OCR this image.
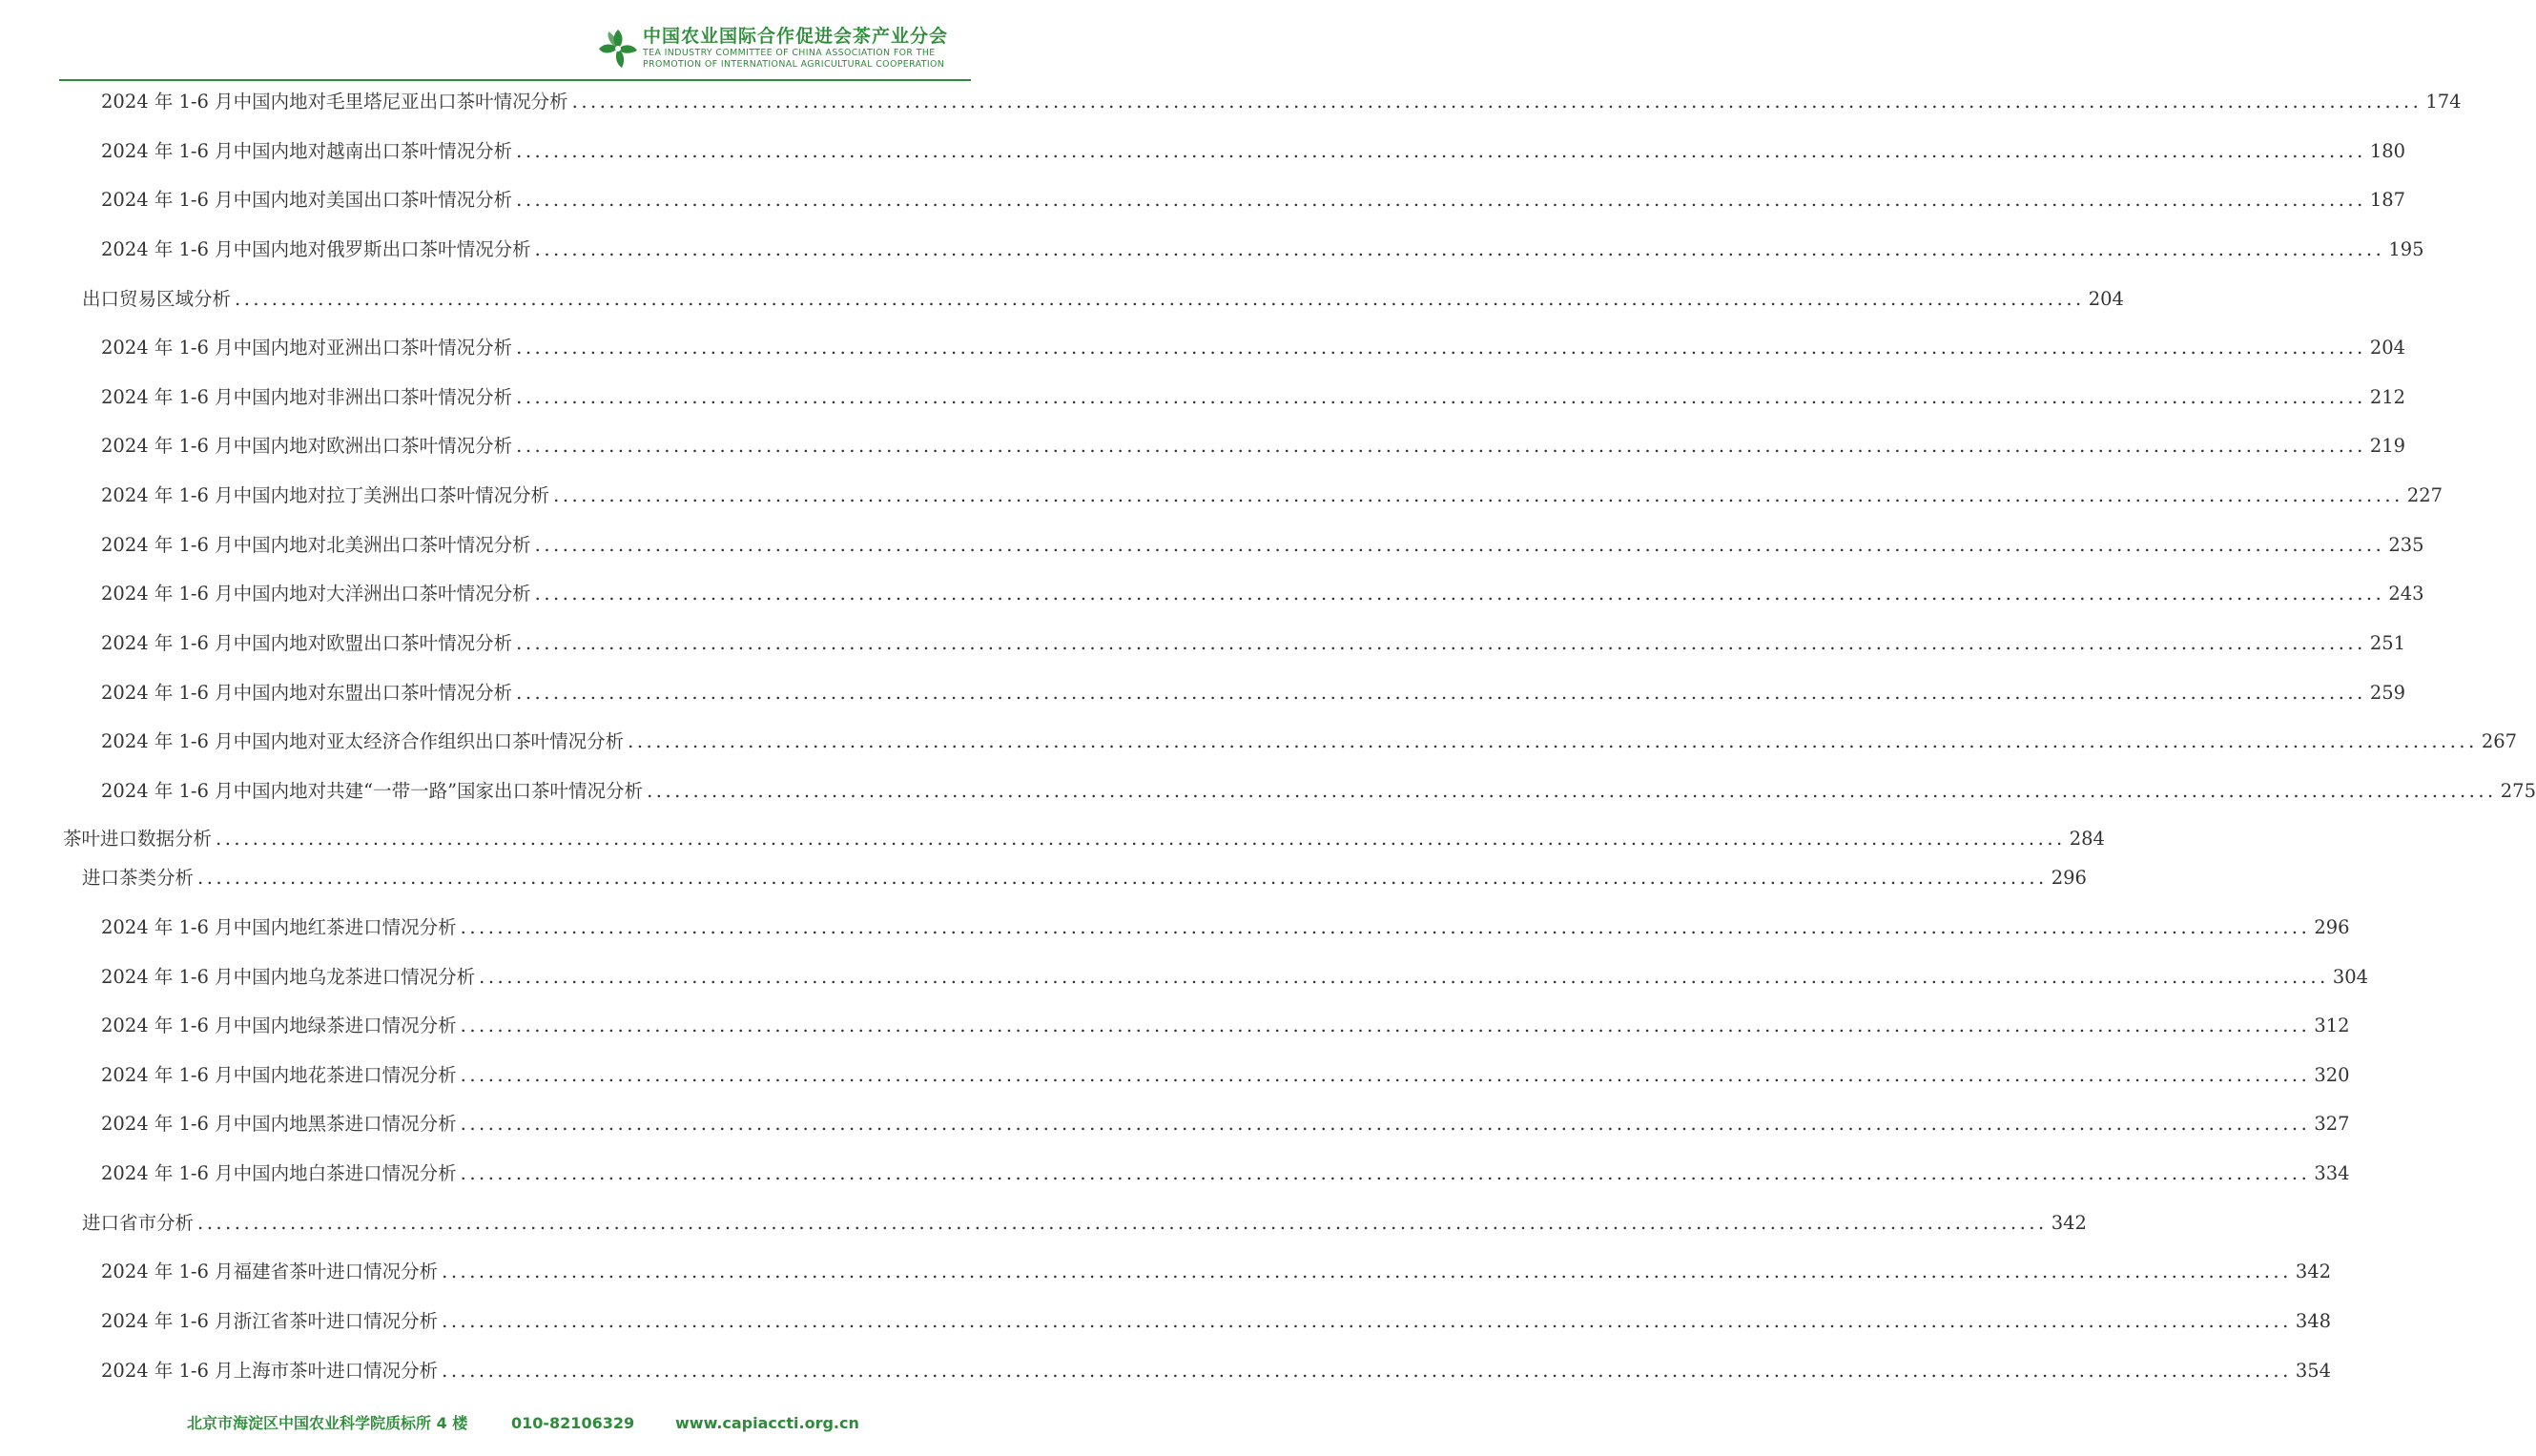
中国农业国际合作促进会茶产业分会
TEA INDUSTRY COMMITTEE OF CHINA ASSOCIATION FOR THE
PROMOTION OF INTERNATIONAL AGRICULTURAL COOPERATION
2024 年 1-6 月中国内地对毛里塔尼亚出口茶叶情况分析 ........................................................................................................................................................................................................ 174
2024 年 1-6 月中国内地对越南出口茶叶情况分析 ........................................................................................................................................................................................................ 180
2024 年 1-6 月中国内地对美国出口茶叶情况分析 ........................................................................................................................................................................................................ 187
2024 年 1-6 月中国内地对俄罗斯出口茶叶情况分析 ........................................................................................................................................................................................................ 195
出口贸易区域分析 ........................................................................................................................................................................................................ 204
2024 年 1-6 月中国内地对亚洲出口茶叶情况分析 ........................................................................................................................................................................................................ 204
2024 年 1-6 月中国内地对非洲出口茶叶情况分析 ........................................................................................................................................................................................................ 212
2024 年 1-6 月中国内地对欧洲出口茶叶情况分析 ........................................................................................................................................................................................................ 219
2024 年 1-6 月中国内地对拉丁美洲出口茶叶情况分析 ........................................................................................................................................................................................................ 227
2024 年 1-6 月中国内地对北美洲出口茶叶情况分析 ........................................................................................................................................................................................................ 235
2024 年 1-6 月中国内地对大洋洲出口茶叶情况分析 ........................................................................................................................................................................................................ 243
2024 年 1-6 月中国内地对欧盟出口茶叶情况分析 ........................................................................................................................................................................................................ 251
2024 年 1-6 月中国内地对东盟出口茶叶情况分析 ........................................................................................................................................................................................................ 259
2024 年 1-6 月中国内地对亚太经济合作组织出口茶叶情况分析 ........................................................................................................................................................................................................ 267
2024 年 1-6 月中国内地对共建“一带一路”国家出口茶叶情况分析 ........................................................................................................................................................................................................ 275
茶叶进口数据分析 ........................................................................................................................................................................................................ 284
进口茶类分析 ........................................................................................................................................................................................................ 296
2024 年 1-6 月中国内地红茶进口情况分析 ........................................................................................................................................................................................................ 296
2024 年 1-6 月中国内地乌龙茶进口情况分析 ........................................................................................................................................................................................................ 304
2024 年 1-6 月中国内地绿茶进口情况分析 ........................................................................................................................................................................................................ 312
2024 年 1-6 月中国内地花茶进口情况分析 ........................................................................................................................................................................................................ 320
2024 年 1-6 月中国内地黑茶进口情况分析 ........................................................................................................................................................................................................ 327
2024 年 1-6 月中国内地白茶进口情况分析 ........................................................................................................................................................................................................ 334
进口省市分析 ........................................................................................................................................................................................................ 342
2024 年 1-6 月福建省茶叶进口情况分析 ........................................................................................................................................................................................................ 342
2024 年 1-6 月浙江省茶叶进口情况分析 ........................................................................................................................................................................................................ 348
2024 年 1-6 月上海市茶叶进口情况分析 ........................................................................................................................................................................................................ 354
北京市海淀区中国农业科学院质标所 4 楼	010-82106329	www.capiaccti.org.cn
